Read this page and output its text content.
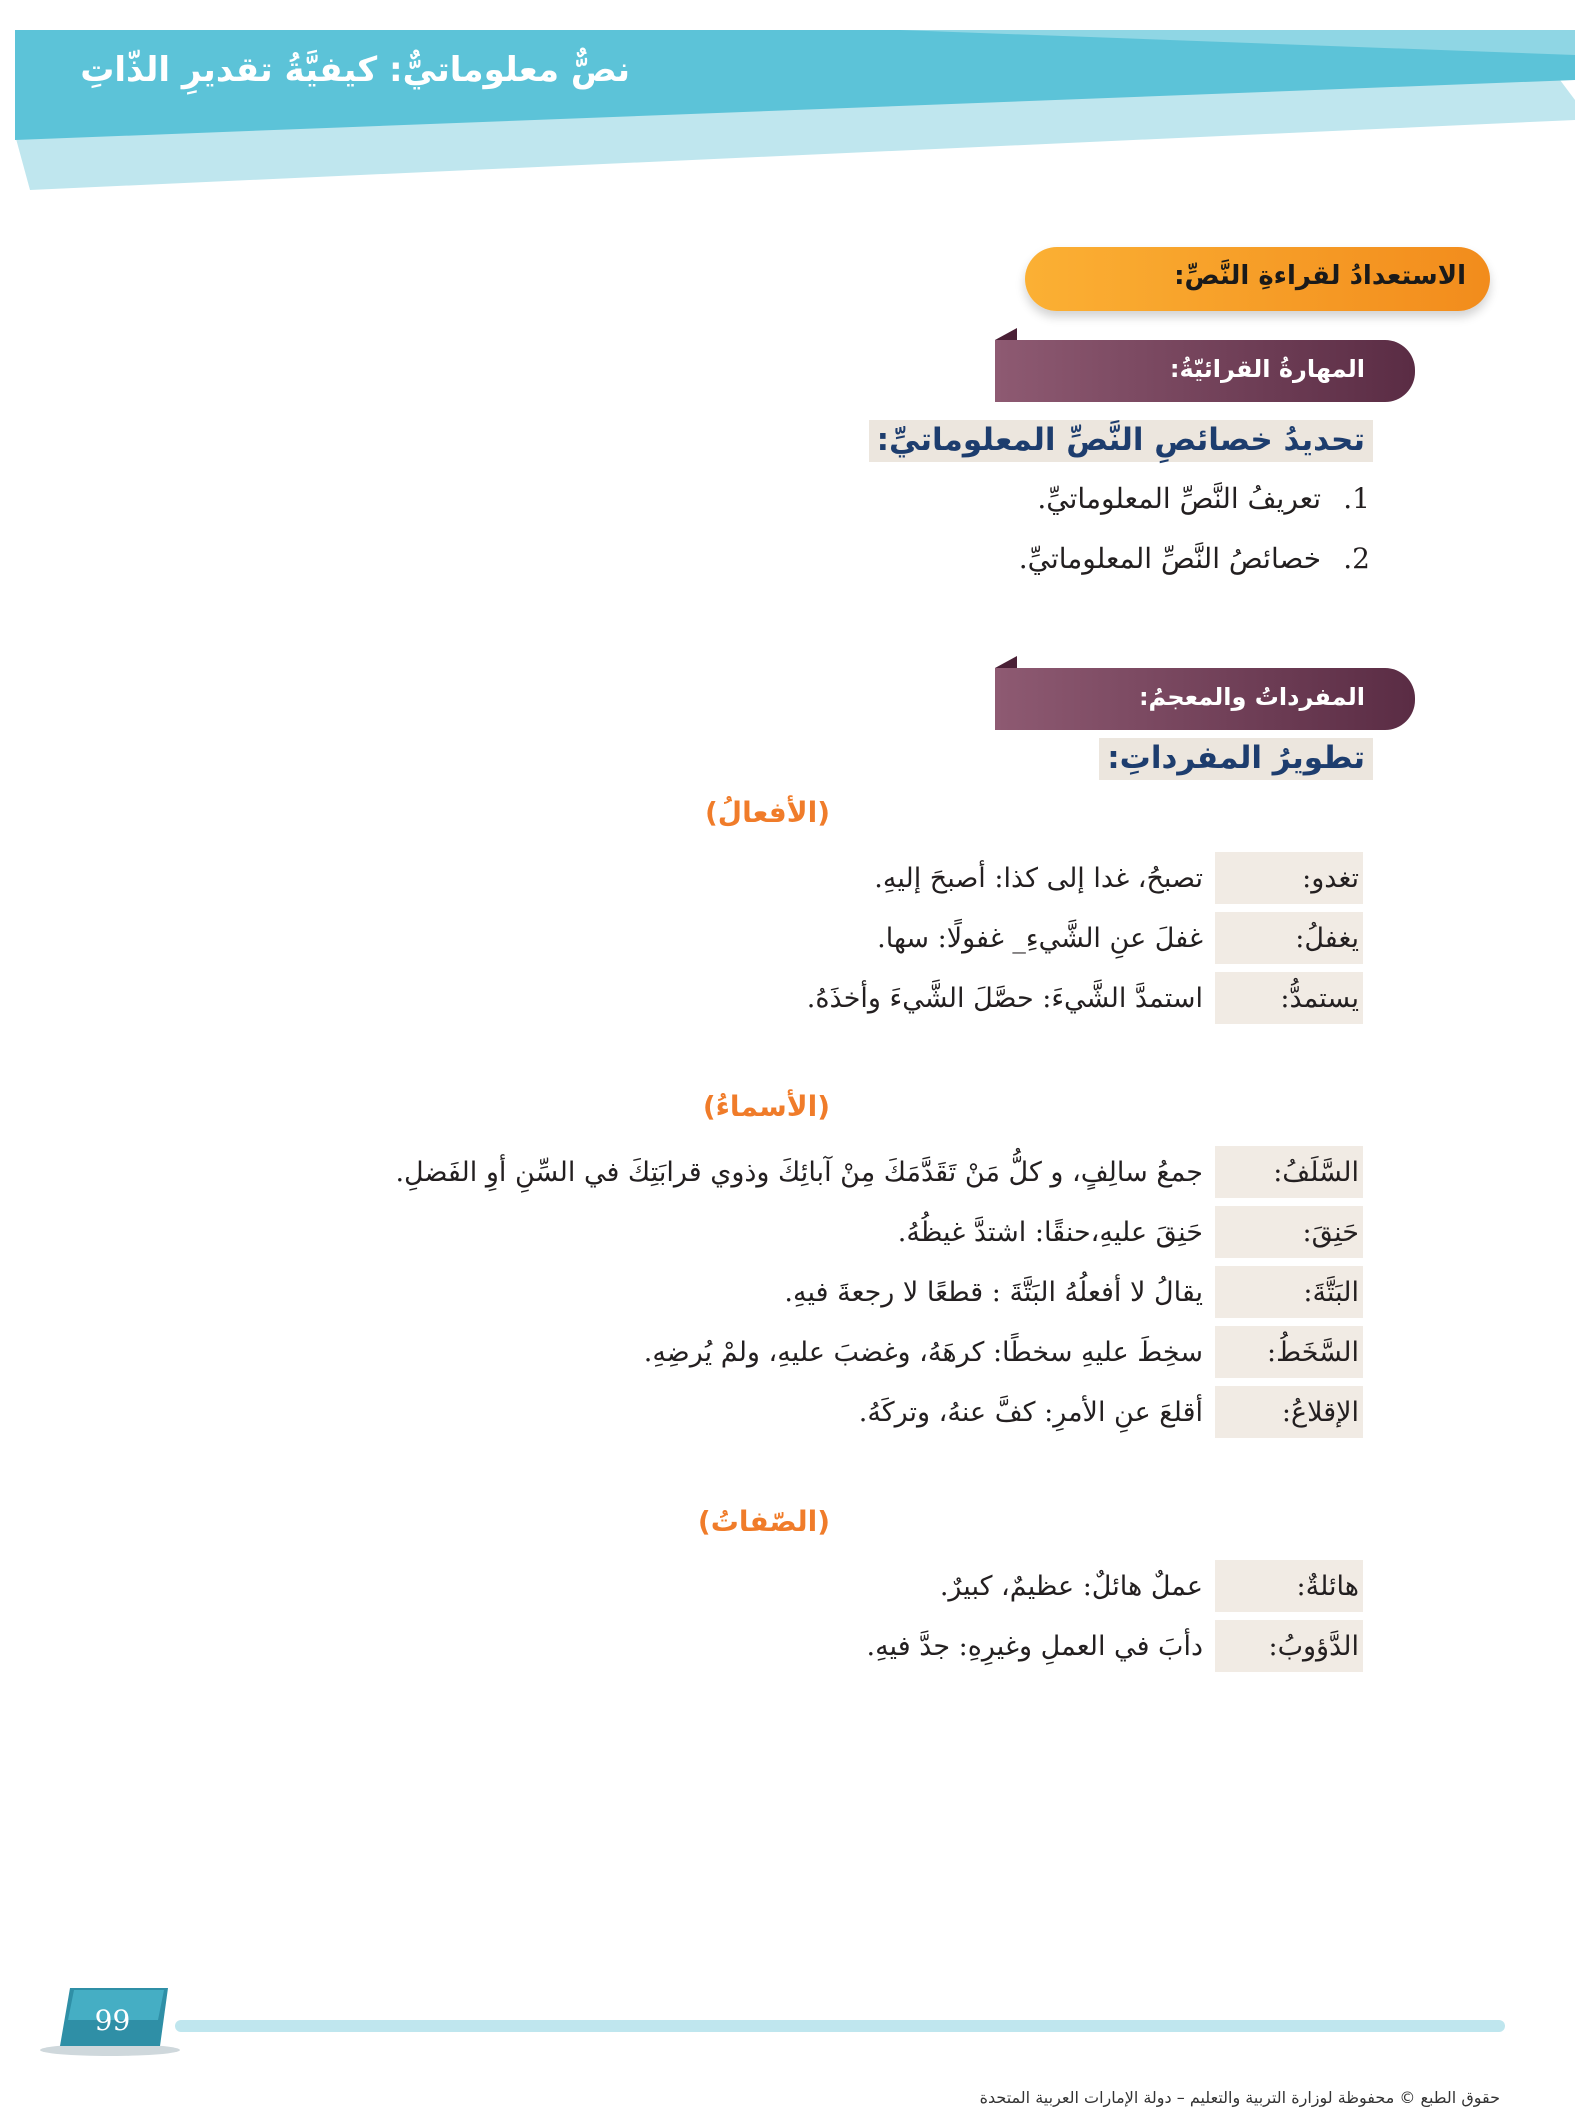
نصٌّ معلوماتيٌّ: كيفيَّةُ تقديرِ الذّاتِ
الاستعدادُ لقراءةِ النَّصِّ:
المهارةُ القرائيّةُ:
تحديدُ خصائصِ النَّصِّ المعلوماتيِّ:
1. تعريفُ النَّصِّ المعلوماتيِّ.
2. خصائصُ النَّصِّ المعلوماتيِّ.
المفرداتُ والمعجمُ:
تطويرُ المفرداتِ:
(الأفعالُ)
تغدو:
تصبحُ، غدا إلى كذا: أصبحَ إليهِ.
يغفلُ:
غفلَ عنِ الشَّيءِ_ غفولًا: سها.
يستمدُّ:
استمدَّ الشَّيءَ: حصَّلَ الشَّيءَ وأخذَهُ.
(الأسماءُ)
السَّلَفُ:
جمعُ سالِفٍ، و كلُّ مَنْ تَقَدَّمَكَ مِنْ آبائِكَ وذوي قرابَتِكَ في السِّنِ أوِ الفَضلِ.
حَنِقَ:
حَنِقَ عليهِ،حنقًا: اشتدَّ غيظُهُ.
البَتَّةَ:
يقالُ لا أفعلُهُ البَتَّةَ : قطعًا لا رجعةَ فيهِ.
السَّخَطُ:
سخِطَ عليهِ سخطًا: كرهَهُ، وغضبَ عليهِ، ولمْ يُرضِهِ.
الإقلاعُ:
أقلعَ عنِ الأمرِ: كفَّ عنهُ، وتركَهُ.
(الصّفاتُ)
هائلةٌ:
عملٌ هائلٌ: عظيمٌ، كبيرٌ.
الدَّؤوبُ:
دأبَ في العملِ وغيرِهِ: جدَّ فيهِ.
99
حقوق الطبع © محفوظة لوزارة التربية والتعليم – دولة الإمارات العربية المتحدة
